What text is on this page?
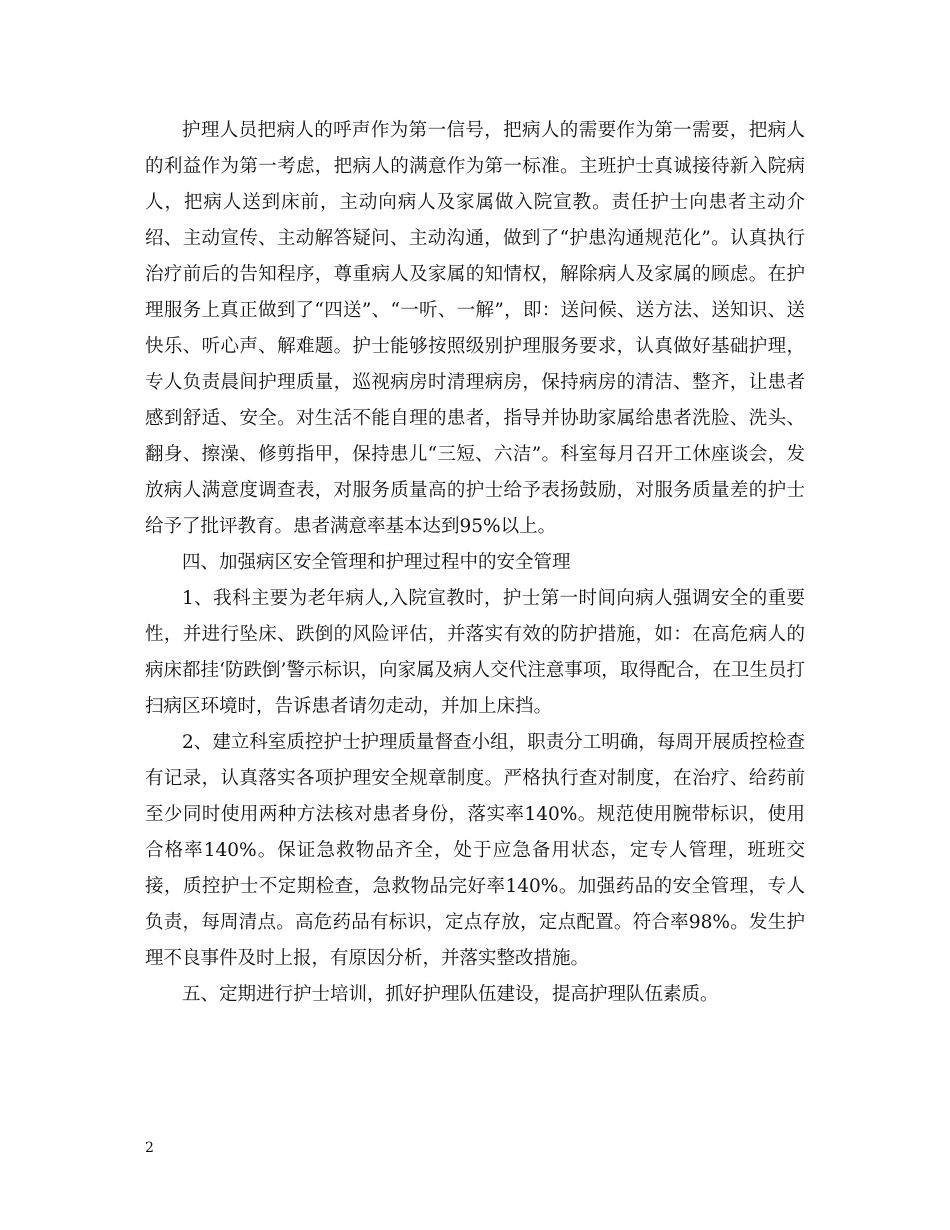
护理人员把病人的呼声作为第一信号，把病人的需要作为第一需要，把病人的利益作为第一考虑，把病人的满意作为第一标准。主班护士真诚接待新入院病人，把病人送到床前，主动向病人及家属做入院宣教。责任护士向患者主动介绍、主动宣传、主动解答疑问、主动沟通，做到了“护患沟通规范化”。认真执行治疗前后的告知程序，尊重病人及家属的知情权，解除病人及家属的顾虑。在护理服务上真正做到了“四送”、“一听、一解”，即：送问候、送方法、送知识、送快乐、听心声、解难题。护士能够按照级别护理服务要求，认真做好基础护理，专人负责晨间护理质量，巡视病房时清理病房，保持病房的清洁、整齐，让患者感到舒适、安全。对生活不能自理的患者，指导并协助家属给患者洗脸、洗头、翻身、擦澡、修剪指甲，保持患儿“三短、六洁”。科室每月召开工休座谈会，发放病人满意度调查表，对服务质量高的护士给予表扬鼓励，对服务质量差的护士给予了批评教育。患者满意率基本达到95%以上。

四、加强病区安全管理和护理过程中的安全管理

1、我科主要为老年病人,入院宣教时，护士第一时间向病人强调安全的重要性，并进行坠床、跌倒的风险评估，并落实有效的防护措施，如：在高危病人的病床都挂‘防跌倒’警示标识，向家属及病人交代注意事项，取得配合，在卫生员打扫病区环境时，告诉患者请勿走动，并加上床挡。

2、建立科室质控护士护理质量督查小组，职责分工明确，每周开展质控检查有记录，认真落实各项护理安全规章制度。严格执行查对制度，在治疗、给药前至少同时使用两种方法核对患者身份，落实率140%。规范使用腕带标识，使用合格率140%。保证急救物品齐全，处于应急备用状态，定专人管理，班班交接，质控护士不定期检查，急救物品完好率140%。加强药品的安全管理，专人负责，每周清点。高危药品有标识，定点存放，定点配置。符合率98%。发生护理不良事件及时上报，有原因分析，并落实整改措施。

五、定期进行护士培训，抓好护理队伍建设，提高护理队伍素质。

2
